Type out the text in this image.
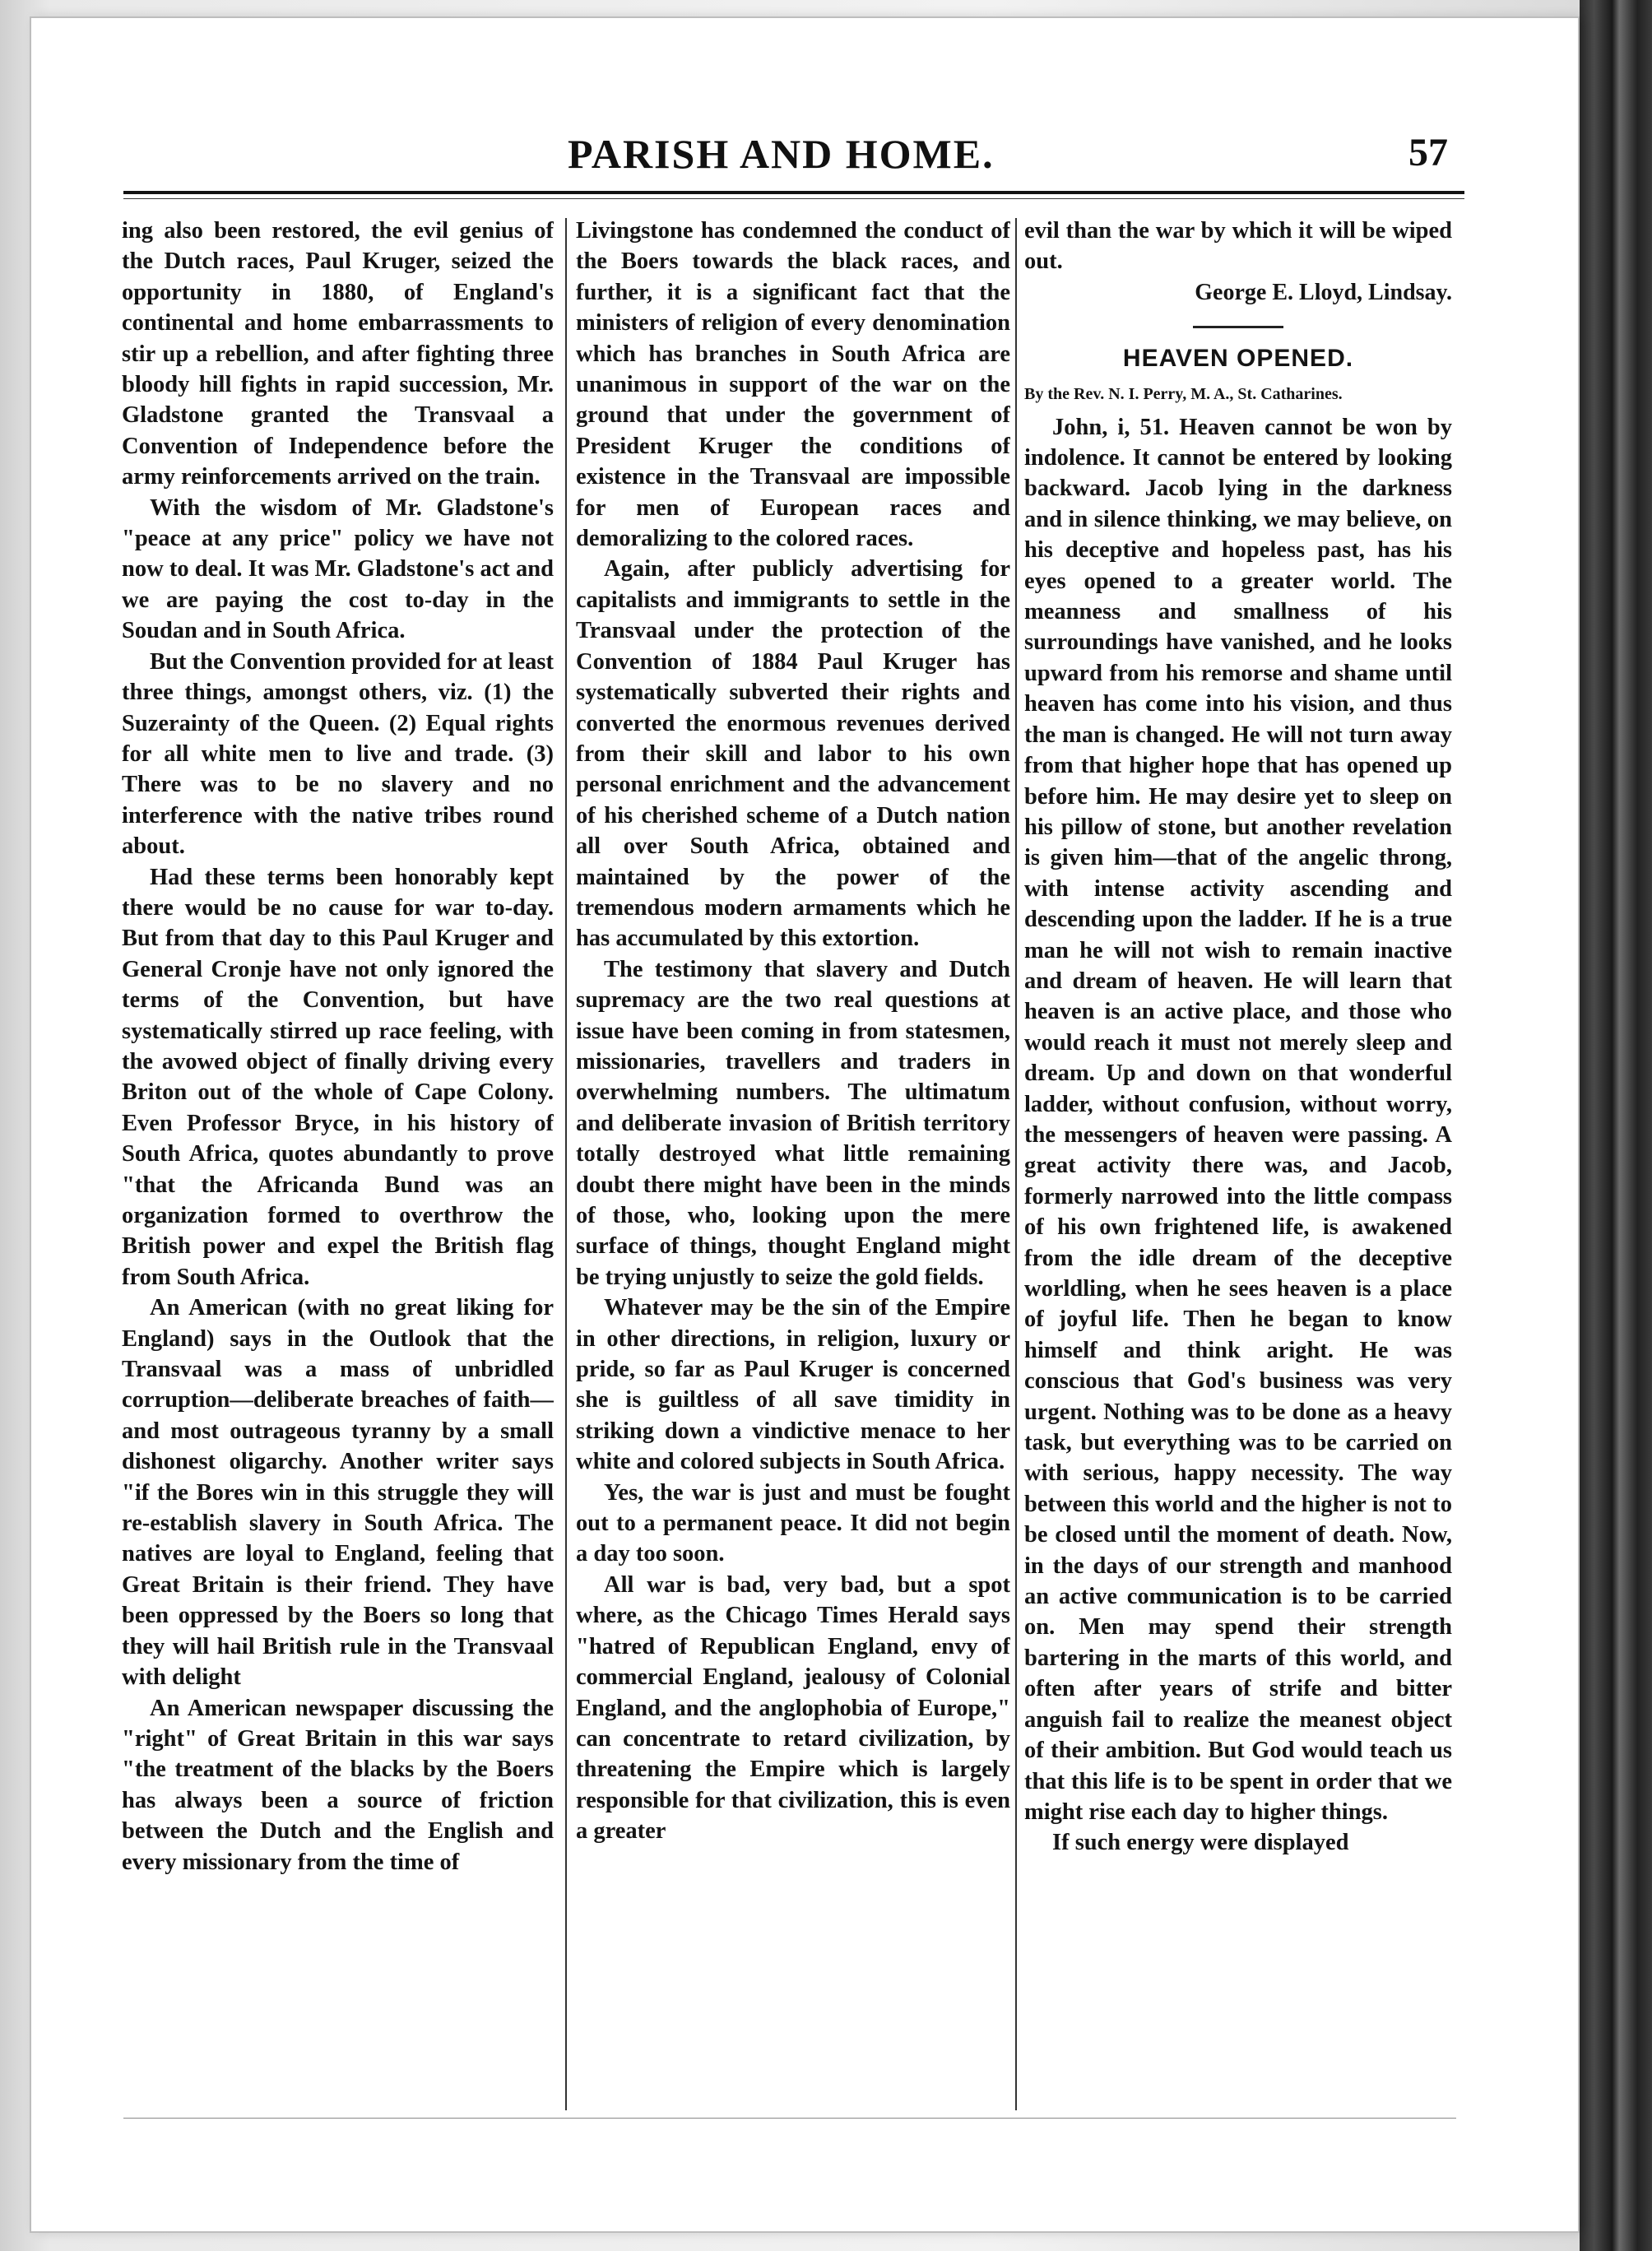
PARISH AND HOME.	57

ing also been restored, the evil genius of the Dutch races, Paul Kruger, seized the opportunity in 1880, of England's continental and home embarrassments to stir up a rebellion, and after fighting three bloody hill fights in rapid succession, Mr. Gladstone granted the Transvaal a Convention of Independence before the army reinforcements arrived on the train.

With the wisdom of Mr. Gladstone's "peace at any price" policy we have not now to deal. It was Mr. Gladstone's act and we are paying the cost to-day in the Soudan and in South Africa.

But the Convention provided for at least three things, amongst others, viz. (1) the Suzerainty of the Queen. (2) Equal rights for all white men to live and trade. (3) There was to be no slavery and no interference with the native tribes round about.

Had these terms been honorably kept there would be no cause for war to-day. But from that day to this Paul Kruger and General Cronje have not only ignored the terms of the Convention, but have systematically stirred up race feeling, with the avowed object of finally driving every Briton out of the whole of Cape Colony. Even Professor Bryce, in his history of South Africa, quotes abundantly to prove "that the Africanda Bund was an organization formed to overthrow the British power and expel the British flag from South Africa.

An American (with no great liking for England) says in the Outlook that the Transvaal was a mass of unbridled corruption—deliberate breaches of faith—and most outrageous tyranny by a small dishonest oligarchy. Another writer says "if the Bores win in this struggle they will re-establish slavery in South Africa. The natives are loyal to England, feeling that Great Britain is their friend. They have been oppressed by the Boers so long that they will hail British rule in the Transvaal with delight

An American newspaper discussing the "right" of Great Britain in this war says "the treatment of the blacks by the Boers has always been a source of friction between the Dutch and the English and every missionary from the time of

Livingstone has condemned the conduct of the Boers towards the black races, and further, it is a significant fact that the ministers of religion of every denomination which has branches in South Africa are unanimous in support of the war on the ground that under the government of President Kruger the conditions of existence in the Transvaal are impossible for men of European races and demoralizing to the colored races.

Again, after publicly advertising for capitalists and immigrants to settle in the Transvaal under the protection of the Convention of 1884 Paul Kruger has systematically subverted their rights and converted the enormous revenues derived from their skill and labor to his own personal enrichment and the advancement of his cherished scheme of a Dutch nation all over South Africa, obtained and maintained by the power of the tremendous modern armaments which he has accumulated by this extortion.

The testimony that slavery and Dutch supremacy are the two real questions at issue have been coming in from statesmen, missionaries, travellers and traders in overwhelming numbers. The ultimatum and deliberate invasion of British territory totally destroyed what little remaining doubt there might have been in the minds of those, who, looking upon the mere surface of things, thought England might be trying unjustly to seize the gold fields.

Whatever may be the sin of the Empire in other directions, in religion, luxury or pride, so far as Paul Kruger is concerned she is guiltless of all save timidity in striking down a vindictive menace to her white and colored subjects in South Africa.

Yes, the war is just and must be fought out to a permanent peace. It did not begin a day too soon.

All war is bad, very bad, but a spot where, as the Chicago Times Herald says "hatred of Republican England, envy of commercial England, jealousy of Colonial England, and the anglophobia of Europe," can concentrate to retard civilization, by threatening the Empire which is largely responsible for that civilization, this is even a greater

evil than the war by which it will be wiped out.

George E. Lloyd, Lindsay.

HEAVEN OPENED.
By the Rev. N. I. Perry, M. A., St. Catharines.

John, i, 51. Heaven cannot be won by indolence. It cannot be entered by looking backward. Jacob lying in the darkness and in silence thinking, we may believe, on his deceptive and hopeless past, has his eyes opened to a greater world. The meanness and smallness of his surroundings have vanished, and he looks upward from his remorse and shame until heaven has come into his vision, and thus the man is changed. He will not turn away from that higher hope that has opened up before him. He may desire yet to sleep on his pillow of stone, but another revelation is given him—that of the angelic throng, with intense activity ascending and descending upon the ladder. If he is a true man he will not wish to remain inactive and dream of heaven. He will learn that heaven is an active place, and those who would reach it must not merely sleep and dream. Up and down on that wonderful ladder, without confusion, without worry, the messengers of heaven were passing. A great activity there was, and Jacob, formerly narrowed into the little compass of his own frightened life, is awakened from the idle dream of the deceptive worldling, when he sees heaven is a place of joyful life. Then he began to know himself and think aright. He was conscious that God's business was very urgent. Nothing was to be done as a heavy task, but everything was to be carried on with serious, happy necessity. The way between this world and the higher is not to be closed until the moment of death. Now, in the days of our strength and manhood an active communication is to be carried on. Men may spend their strength bartering in the marts of this world, and often after years of strife and bitter anguish fail to realize the meanest object of their ambition. But God would teach us that this life is to be spent in order that we might rise each day to higher things.

If such energy were displayed
